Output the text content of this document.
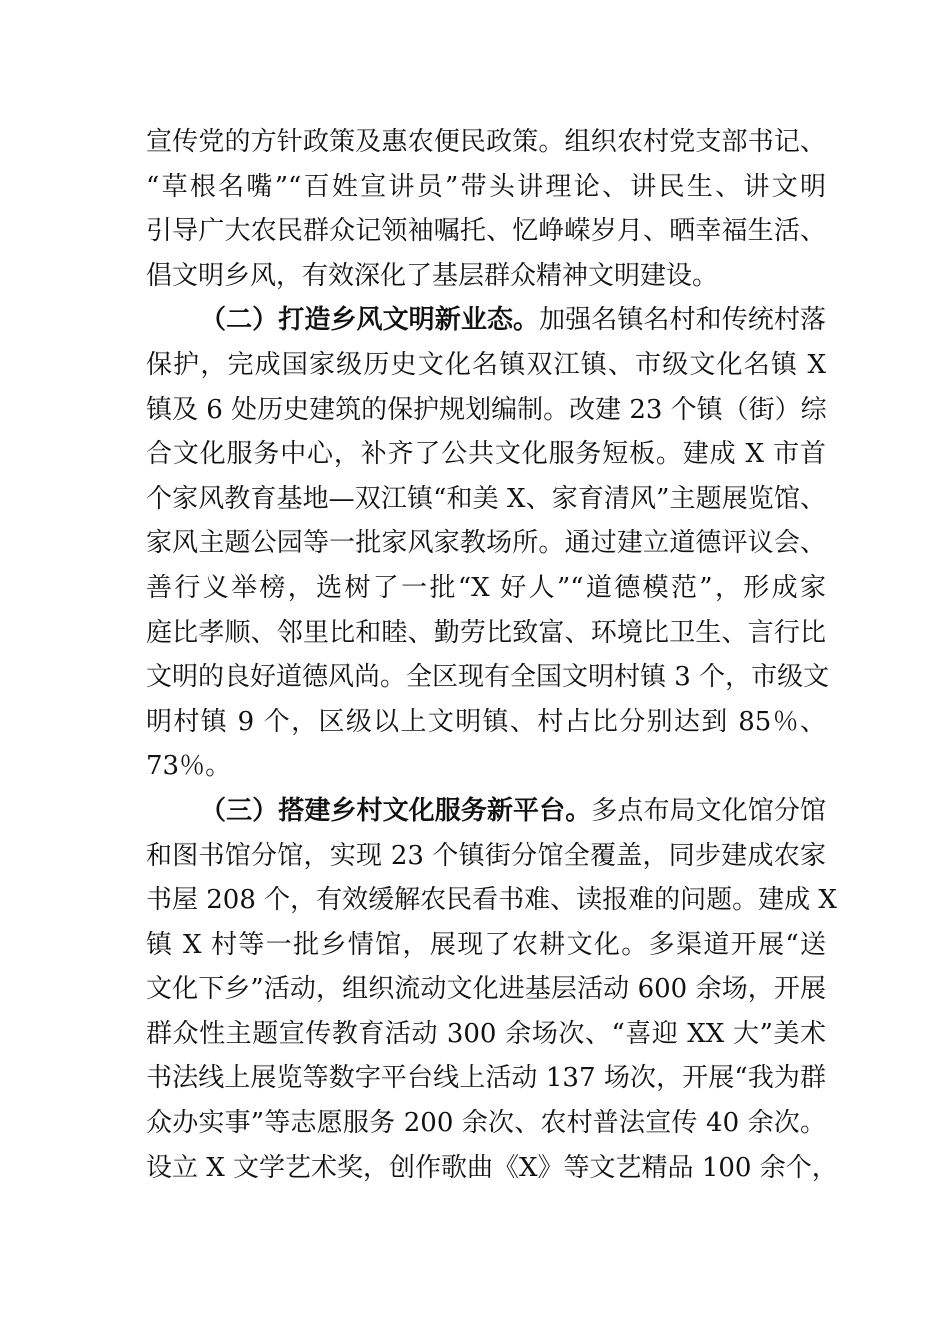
宣传党的方针政策及惠农便民政策。组织农村党支部书记、
“草根名嘴”“百姓宣讲员”带头讲理论、讲民生、讲文明
引导广大农民群众记领袖嘱托、忆峥嵘岁月、晒幸福生活、
倡文明乡风，有效深化了基层群众精神文明建设。
（二）打造乡风文明新业态。加强名镇名村和传统村落
保护，完成国家级历史文化名镇双江镇、市级文化名镇 X
镇及 6 处历史建筑的保护规划编制。改建 23 个镇（街）综
合文化服务中心，补齐了公共文化服务短板。建成 X 市首
个家风教育基地—双江镇“和美 X、家育清风”主题展览馆、
家风主题公园等一批家风家教场所。通过建立道德评议会、
善行义举榜，选树了一批“X 好人”“道德模范”，形成家
庭比孝顺、邻里比和睦、勤劳比致富、环境比卫生、言行比
文明的良好道德风尚。全区现有全国文明村镇 3 个，市级文
明村镇 9 个，区级以上文明镇、村占比分别达到 85％、
73％。
（三）搭建乡村文化服务新平台。多点布局文化馆分馆
和图书馆分馆，实现 23 个镇街分馆全覆盖，同步建成农家
书屋 208 个，有效缓解农民看书难、读报难的问题。建成 X
镇 X 村等一批乡情馆，展现了农耕文化。多渠道开展“送
文化下乡”活动，组织流动文化进基层活动 600 余场，开展
群众性主题宣传教育活动 300 余场次、“喜迎 XX 大”美术
书法线上展览等数字平台线上活动 137 场次，开展“我为群
众办实事”等志愿服务 200 余次、农村普法宣传 40 余次。
设立 X 文学艺术奖，创作歌曲《X》等文艺精品 100 余个，
